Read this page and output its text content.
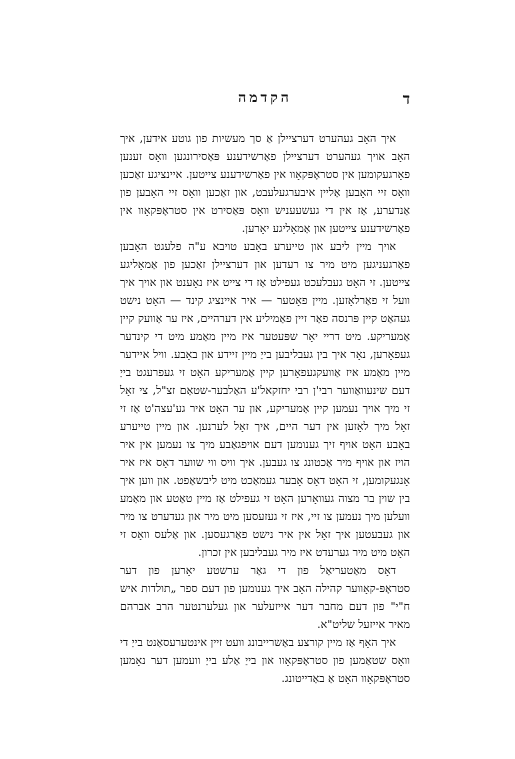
ד
הקדמה

איך האָב געהערט דערציילן אַ סך מעשיות פון גוטע אידען, איך האָב אויך געהערט דערציילן פאַרשידענע פּאַסירונגען וואָס זענען פאָרגעקומען אין סטראָפּקאָוו אין פאַרשידענע צייטען. איינציגע זאַכען וואָס זיי האָבען אַליין איבערגעלעבט, און זאַכען וואָס זיי האָבען פון אַנדערע, אַז אין די געשעעניש וואָס פּאַסירט אין סטראָפּקאָוו אין פאַרשידענע צייטען און אַמאָליגע יאָרען.

אויך מיין ליבע און טייערע באָבע טויבא ע"ה פלעגט האָבען פאַרגעניגען מיט מיר צו רעדען און דערציילן זאַכען פון אַמאָליגע צייטען. זי האָט געבלעכט געפילט אַז די צייט איז נאָענט און אויך איך וועל זי פאַרלאָזען. מיין פאָטער — איר איינציג קינד — האָט נישט געהאַט קיין פּרנסה פאַר זיין פאַמיליע אין דערהיים, איז ער אַוועק קיין אַמעריקע. מיט דריי יאָר שפּעטער איז מיין מאַמע מיט די קינדער געפאָרען, נאָר איך בין געבליבען בייַ מיין זיידע און באָבע. וויל איידער מיין מאַמע איז אַוועקגעפאָרען קיין אַמעריקע האָט זי געפרעגט בייַ דעם שינעוואַווער רבי'ן רבי יחזקאל'ע האַלבער-שטאַם זצ"ל, צי זאָל זי מיך אויך נעמען קיין אַמעריקע, און ער האָט איר גע'עצה'ט אַז זי זאָל מיך לאָזען אין דער היים, איך זאָל לערנען. און מיין טייערע באָבע האָט אויף זיך גענומען דעם אויפגאַבע מיך צו נעמען אין איר הויז און אויף מיר אַכטונג צו געבען. איך וויס ווי שווער דאָס איז איר אָנגעקומען, זי האָט דאָס אָבער געמאַכט מיט ליבשאַפט. און ווען איך בין שוין בר מצוה געוואָרען האָט זי געפילט אַז מיין טאַטע און מאַמע וועלען מיך נעמען צו זיי, איז זי געזעסען מיט מיר און געדערט צו מיר און געבעטען איך זאָל אין איר נישט פאַרגעסען. און אַלעס וואָס זי האָט מיט מיר גערעדט איז מיר געבליבען אין זכרון.

דאָס מאַטעריאַל פון די גאַר ערשטע יאָרען פון דער סטראָפּ-קאָווער קהילה האָב איך גענומען פון דעם ספר „תולדות איש ח"י" פון דעם מחבר דער אייזעלער און געלערנטער הרב אברהם מאיר אייזעל שליט"א.

איך האָף אַז מיין קורצע באַשרייבונג וועט זיין אינטערעסאַנט בייַ די וואָס שטאַמען פון סטראָפּקאָוו און בייַ אַלע בייַ וועמען דער נאָמען סטראָפּקאָוו האָט אַ באַדייטונג.
